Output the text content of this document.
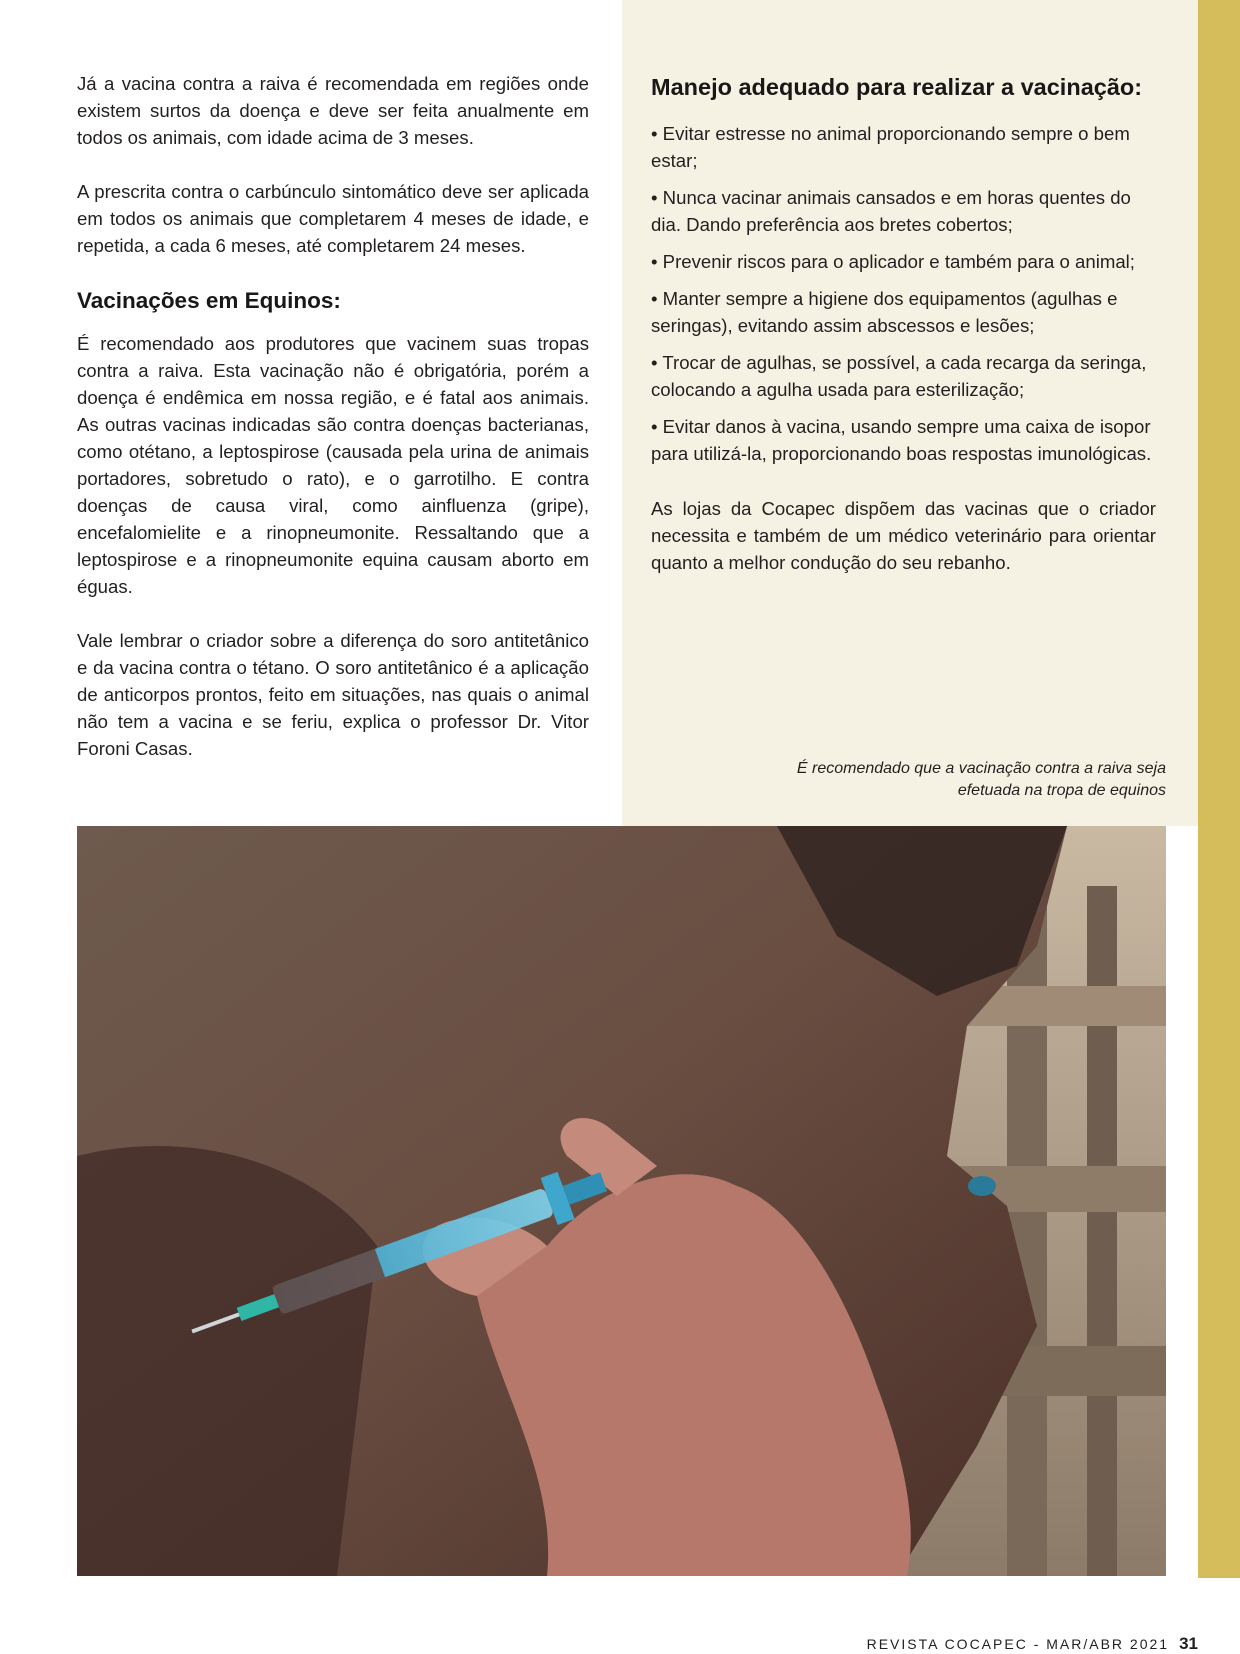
Já a vacina contra a raiva é recomendada em regiões onde existem surtos da doença e deve ser feita anualmente em todos os animais, com idade acima de 3 meses.

A prescrita contra o carbúnculo sintomático deve ser aplicada em todos os animais que completarem 4 meses de idade, e repetida, a cada 6 meses, até completarem 24 meses.

Vacinações em Equinos:

É recomendado aos produtores que vacinem suas tropas contra a raiva. Esta vacinação não é obrigatória, porém a doença é endêmica em nossa região, e é fatal aos animais. As outras vacinas indicadas são contra doenças bacterianas, como otétano, a leptospirose (causada pela urina de animais portadores, sobretudo o rato), e o garrotilho. E contra doenças de causa viral, como ainfluenza (gripe), encefalomielite e a rinopneumonite. Ressaltando que a leptospirose e a rinopneumonite equina causam aborto em éguas.

Vale lembrar o criador sobre a diferença do soro antitetânico e da vacina contra o tétano. O soro antitetânico é a aplicação de anticorpos prontos, feito em situações, nas quais o animal não tem a vacina e se feriu, explica o professor Dr. Vitor Foroni Casas.

Manejo adequado para realizar a vacinação:
• Evitar estresse no animal proporcionando sempre o bem estar;
• Nunca vacinar animais cansados e em horas quentes do dia. Dando preferência aos bretes cobertos;
• Prevenir riscos para o aplicador e também para o animal;
• Manter sempre a higiene dos equipamentos (agulhas e seringas), evitando assim abscessos e lesões;
• Trocar de agulhas, se possível, a cada recarga da seringa, colocando a agulha usada para esterilização;
• Evitar danos à vacina, usando sempre uma caixa de isopor para utilizá-la, proporcionando boas respostas imunológicas.

As lojas da Cocapec dispõem das vacinas que o criador necessita e também de um médico veterinário para orientar quanto a melhor condução do seu rebanho.

É recomendado que a vacinação contra a raiva seja
efetuada na tropa de equinos
REVISTA COCAPEC - MAR/ABR 2021 31
